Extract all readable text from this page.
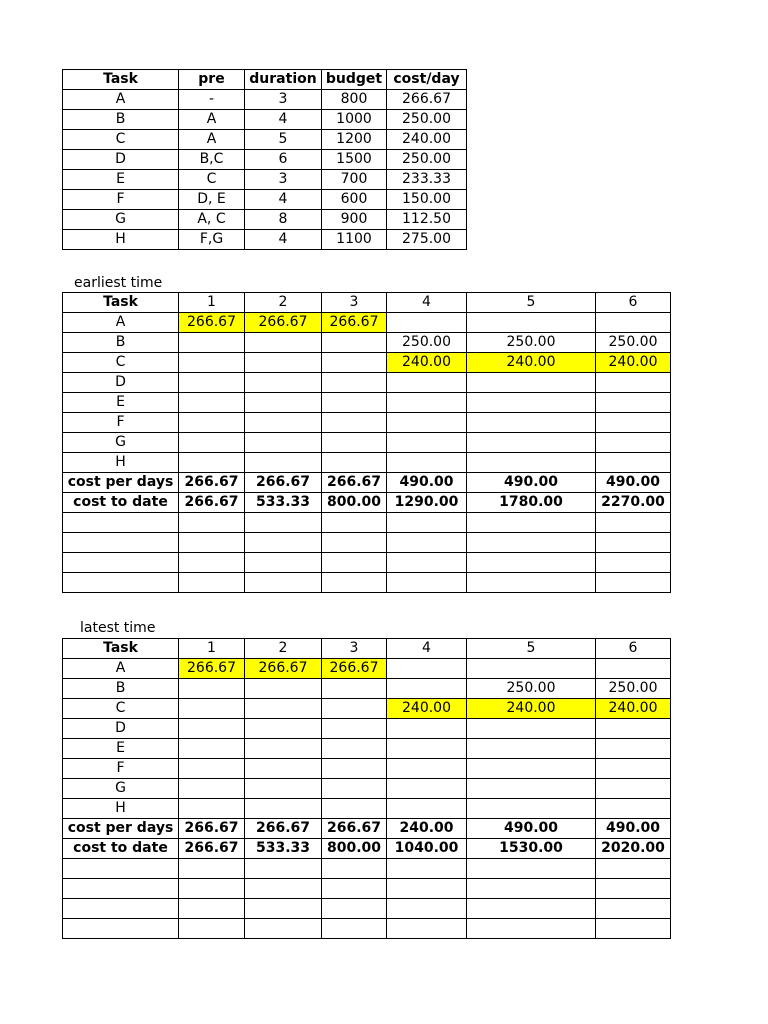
Task	pre	duration	budget	cost/day
A	-	3	800	266.67
B	A	4	1000	250.00
C	A	5	1200	240.00
D	B,C	6	1500	250.00
E	C	3	700	233.33
F	D, E	4	600	150.00
G	A, C	8	900	112.50
H	F,G	4	1100	275.00
earliest time
Task	1	2	3	4	5	6
A	266.67	266.67	266.67			
B				250.00	250.00	250.00
C				240.00	240.00	240.00
D						
E						
F						
G						
H						
cost per days	266.67	266.67	266.67	490.00	490.00	490.00
cost to date	266.67	533.33	800.00	1290.00	1780.00	2270.00

latest time
Task	1	2	3	4	5	6
A	266.67	266.67	266.67			
B					250.00	250.00
C				240.00	240.00	240.00
D						
E						
F						
G						
H						
cost per days	266.67	266.67	266.67	240.00	490.00	490.00
cost to date	266.67	533.33	800.00	1040.00	1530.00	2020.00
